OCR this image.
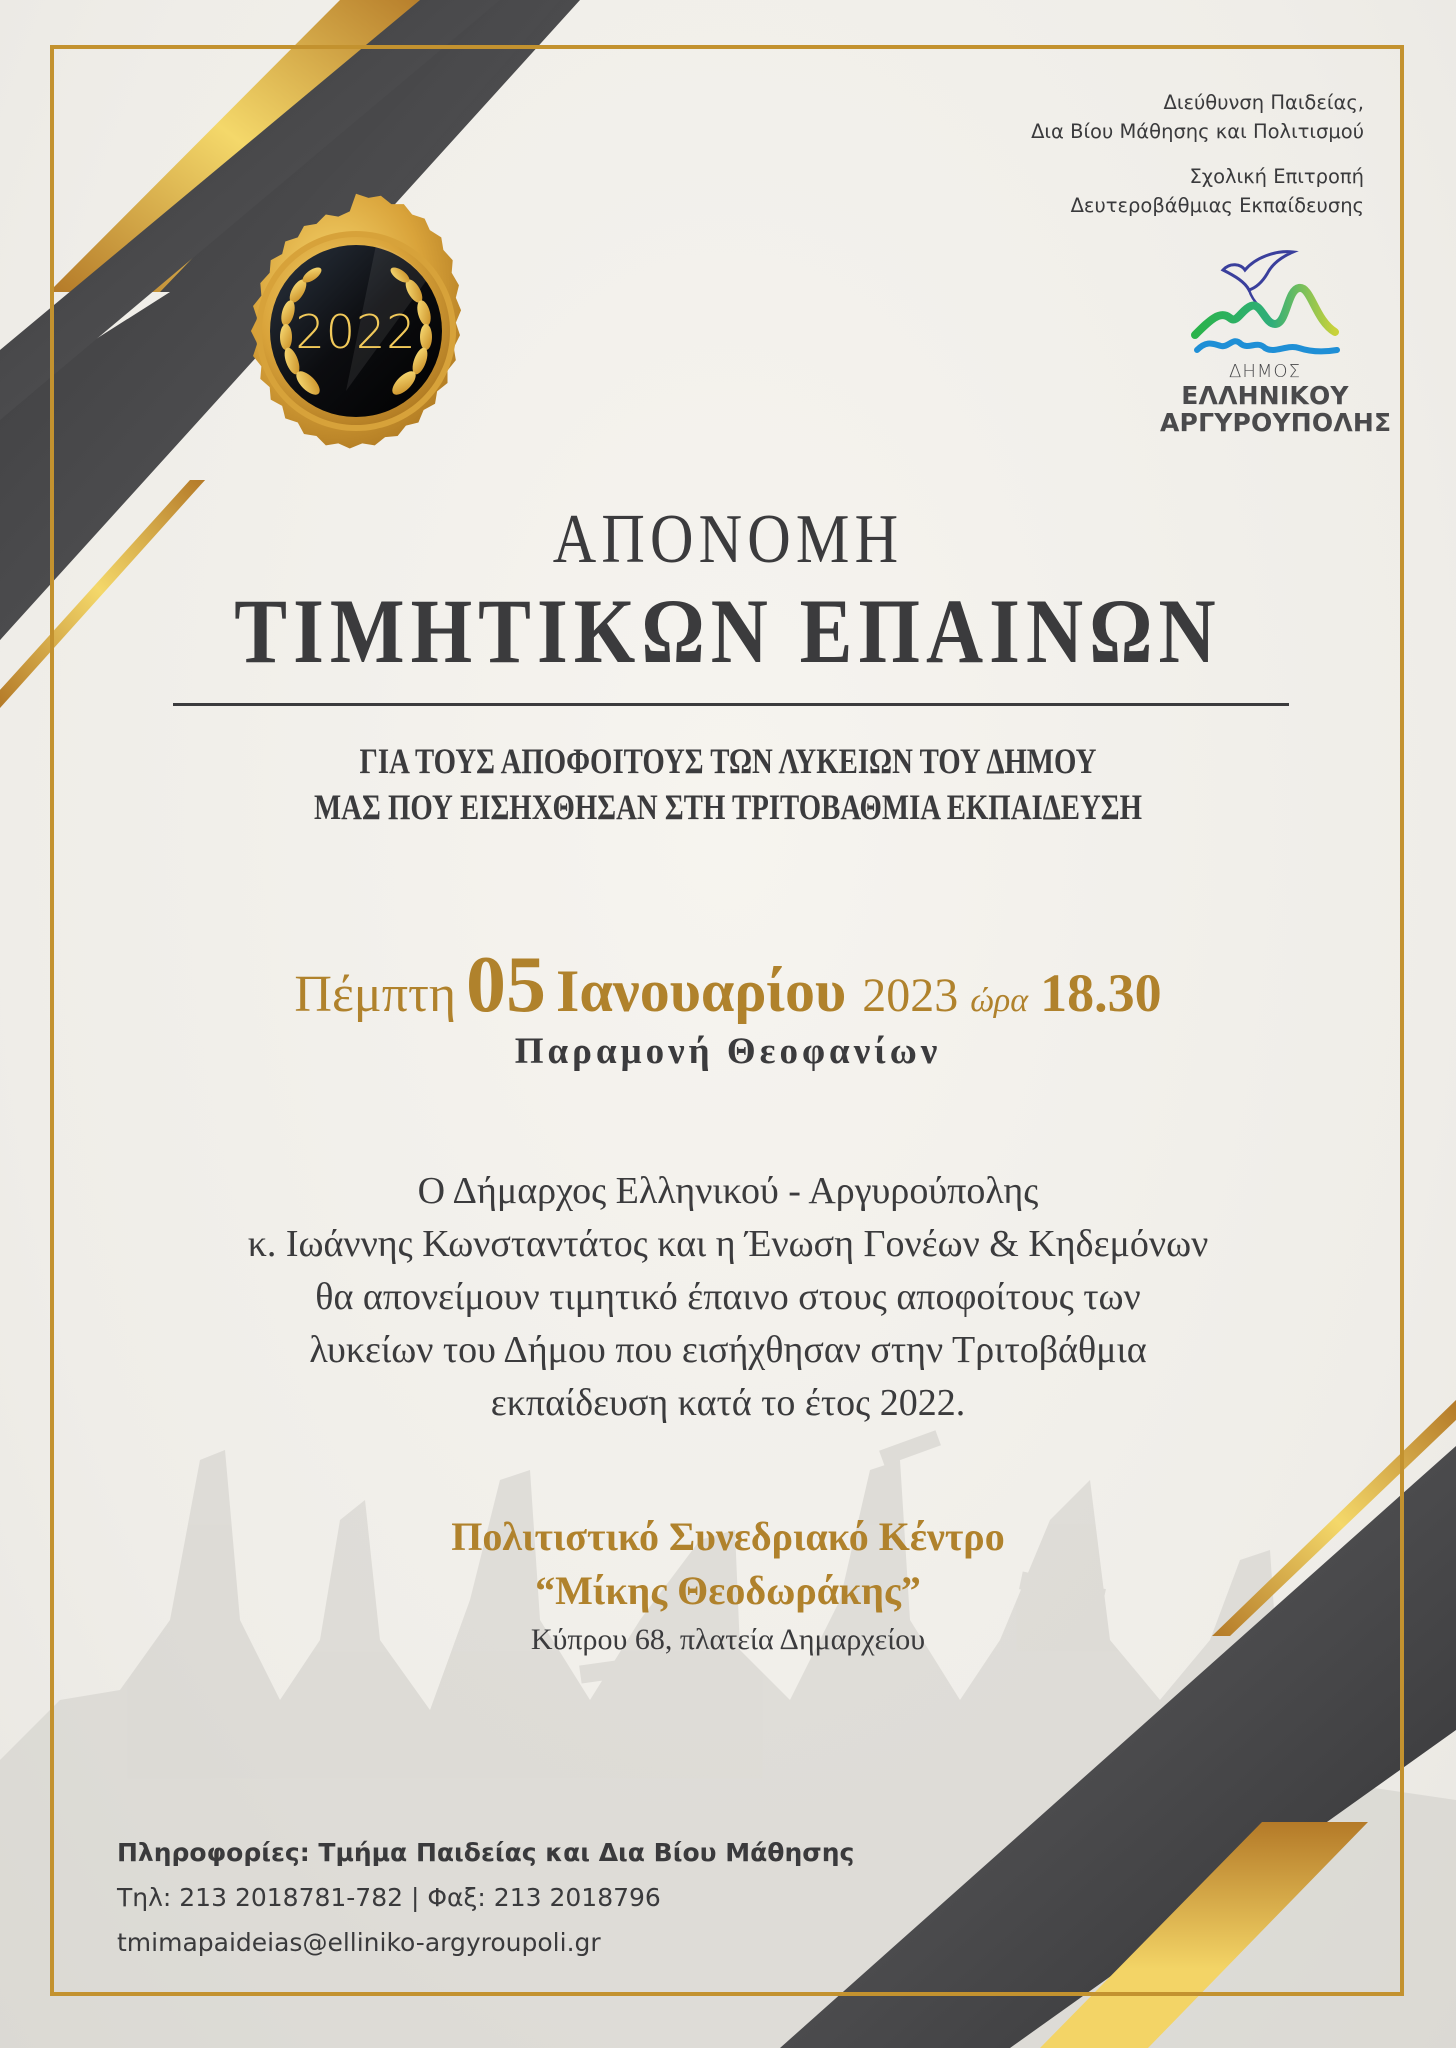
Διεύθυνση Παιδείας,

Δια Βίου Μάθησης και Πολιτισμού

Σχολική Επιτροπή

Δευτεροβάθμιας Εκπαίδευσης

ΔΗΜΟΣ
ΕΛΛΗΝΙΚΟΥ
ΑΡΓΥΡΟΥΠΟΛΗΣ
2022
ΑΠΟΝΟΜΗ
ΤΙΜΗΤΙΚΩΝ ΕΠΑΙΝΩΝ
ΓΙΑ ΤΟΥΣ ΑΠΟΦΟΙΤΟΥΣ ΤΩΝ ΛΥΚΕΙΩΝ ΤΟΥ ΔΗΜΟΥ
ΜΑΣ ΠΟΥ ΕΙΣΗΧΘΗΣΑΝ ΣΤΗ ΤΡΙΤΟΒΑΘΜΙΑ ΕΚΠΑΙΔΕΥΣΗ
Πέμπτη 05 Ιανουαρίου 2023 ώρα 18.30
Παραμονή Θεοφανίων

Ο Δήμαρχος Ελληνικού - Αργυρούπολης

κ. Ιωάννης Κωνσταντάτος και η Ένωση Γονέων & Κηδεμόνων

θα απονείμουν τιμητικό έπαινο στους αποφοίτους των

λυκείων του Δήμου που εισήχθησαν στην Τριτοβάθμια

εκπαίδευση κατά το έτος 2022.

Πολιτιστικό Συνεδριακό Κέντρο

“Μίκης Θεοδωράκης”

Κύπρου 68, πλατεία Δημαρχείου

Πληροφορίες: Τμήμα Παιδείας και Δια Βίου Μάθησης

Τηλ: 213 2018781-782 | Φαξ: 213 2018796

tmimapaideias@elliniko-argyroupoli.gr
